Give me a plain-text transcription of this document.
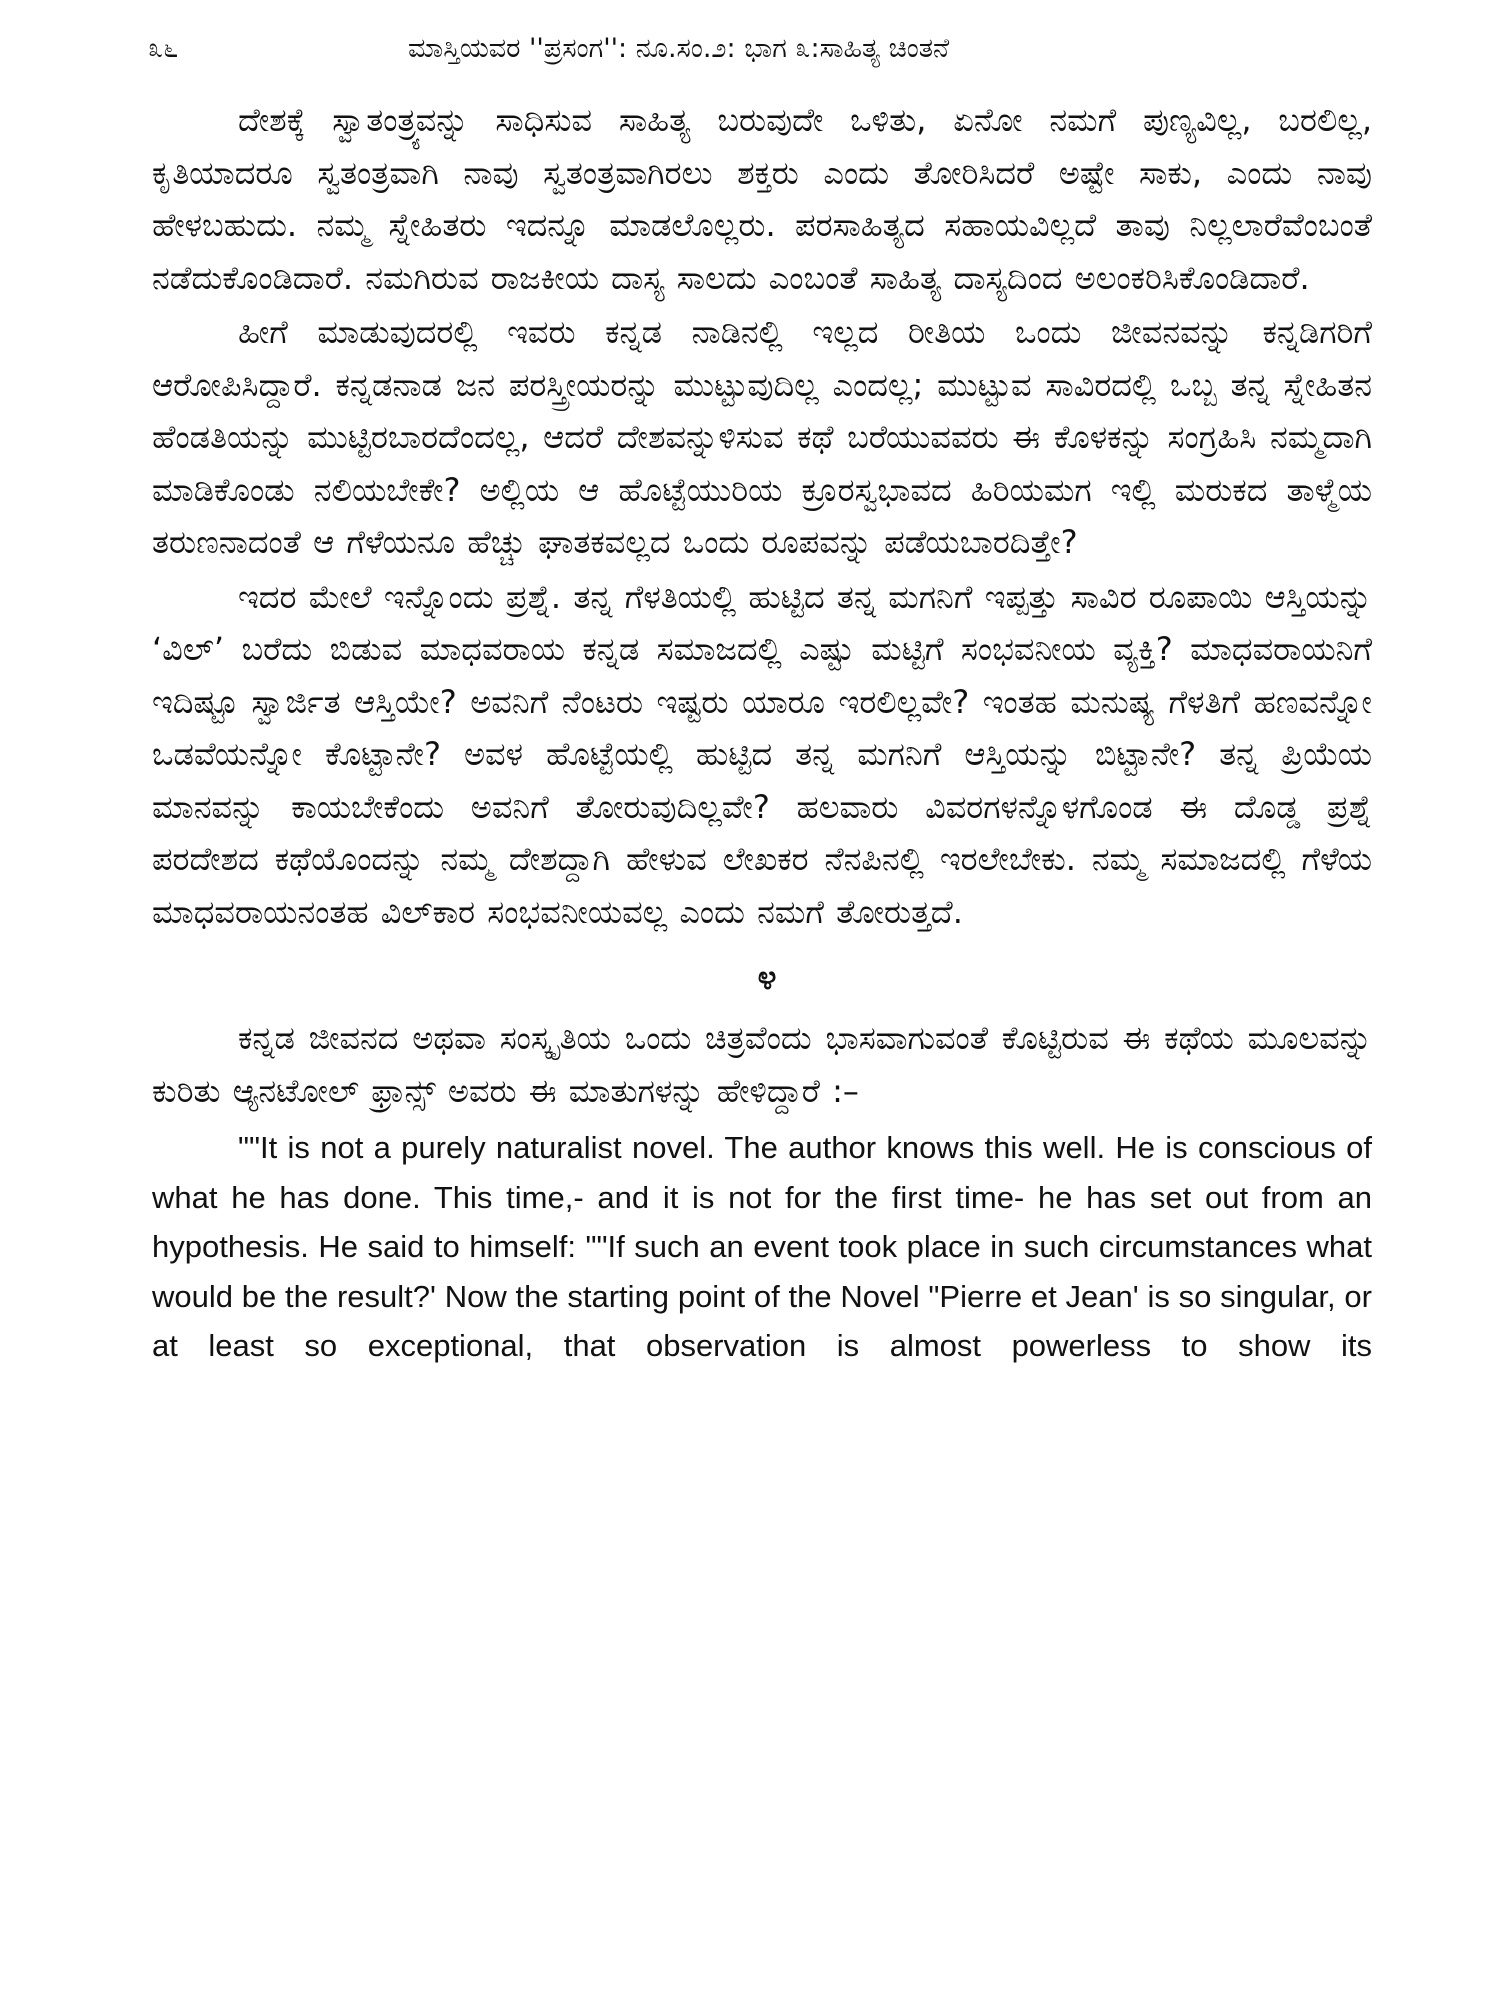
೩೬	ಮಾಸ್ತಿಯವರ ''ಪ್ರಸಂಗ'': ನೂ.ಸಂ.೨: ಭಾಗ ೩:ಸಾಹಿತ್ಯ ಚಿಂತನೆ

ದೇಶಕ್ಕೆ ಸ್ವಾತಂತ್ರ್ಯವನ್ನು ಸಾಧಿಸುವ ಸಾಹಿತ್ಯ ಬರುವುದೇ ಒಳಿತು, ಏನೋ ನಮಗೆ ಪುಣ್ಯವಿಲ್ಲ, ಬರಲಿಲ್ಲ, ಕೃತಿಯಾದರೂ ಸ್ವತಂತ್ರವಾಗಿ ನಾವು ಸ್ವತಂತ್ರವಾಗಿರಲು ಶಕ್ತರು ಎಂದು ತೋರಿಸಿದರೆ ಅಷ್ಟೇ ಸಾಕು, ಎಂದು ನಾವು ಹೇಳಬಹುದು. ನಮ್ಮ ಸ್ನೇಹಿತರು ಇದನ್ನೂ ಮಾಡಲೊಲ್ಲರು. ಪರಸಾಹಿತ್ಯದ ಸಹಾಯವಿಲ್ಲದೆ ತಾವು ನಿಲ್ಲಲಾರೆವೆಂಬಂತೆ ನಡೆದುಕೊಂಡಿದಾರೆ. ನಮಗಿರುವ ರಾಜಕೀಯ ದಾಸ್ಯ ಸಾಲದು ಎಂಬಂತೆ ಸಾಹಿತ್ಯ ದಾಸ್ಯದಿಂದ ಅಲಂಕರಿಸಿಕೊಂಡಿದಾರೆ.

ಹೀಗೆ ಮಾಡುವುದರಲ್ಲಿ ಇವರು ಕನ್ನಡ ನಾಡಿನಲ್ಲಿ ಇಲ್ಲದ ರೀತಿಯ ಒಂದು ಜೀವನವನ್ನು ಕನ್ನಡಿಗರಿಗೆ ಆರೋಪಿಸಿದ್ದಾರೆ. ಕನ್ನಡನಾಡ ಜನ ಪರಸ್ತ್ರೀಯರನ್ನು ಮುಟ್ಟುವುದಿಲ್ಲ ಎಂದಲ್ಲ; ಮುಟ್ಟುವ ಸಾವಿರದಲ್ಲಿ ಒಬ್ಬ ತನ್ನ ಸ್ನೇಹಿತನ ಹೆಂಡತಿಯನ್ನು ಮುಟ್ಟಿರಬಾರದೆಂದಲ್ಲ, ಆದರೆ ದೇಶವನ್ನುಳಿಸುವ ಕಥೆ ಬರೆಯುವವರು ಈ ಕೊಳಕನ್ನು ಸಂಗ್ರಹಿಸಿ ನಮ್ಮದಾಗಿ ಮಾಡಿಕೊಂಡು ನಲಿಯಬೇಕೇ? ಅಲ್ಲಿಯ ಆ ಹೊಟ್ಟೆಯುರಿಯ ಕ್ರೂರಸ್ವಭಾವದ ಹಿರಿಯಮಗ ಇಲ್ಲಿ ಮರುಕದ ತಾಳ್ಮೆಯ ತರುಣನಾದಂತೆ ಆ ಗೆಳೆಯನೂ ಹೆಚ್ಚು ಘಾತಕವಲ್ಲದ ಒಂದು ರೂಪವನ್ನು ಪಡೆಯಬಾರದಿತ್ತೇ?

ಇದರ ಮೇಲೆ ಇನ್ನೊಂದು ಪ್ರಶ್ನೆ. ತನ್ನ ಗೆಳತಿಯಲ್ಲಿ ಹುಟ್ಟಿದ ತನ್ನ ಮಗನಿಗೆ ಇಪ್ಪತ್ತು ಸಾವಿರ ರೂಪಾಯಿ ಆಸ್ತಿಯನ್ನು ‘ವಿಲ್’ ಬರೆದು ಬಿಡುವ ಮಾಧವರಾಯ ಕನ್ನಡ ಸಮಾಜದಲ್ಲಿ ಎಷ್ಟು ಮಟ್ಟಿಗೆ ಸಂಭವನೀಯ ವ್ಯಕ್ತಿ? ಮಾಧವರಾಯನಿಗೆ ಇದಿಷ್ಟೂ ಸ್ವಾರ್ಜಿತ ಆಸ್ತಿಯೇ? ಅವನಿಗೆ ನೆಂಟರು ಇಷ್ಟರು ಯಾರೂ ಇರಲಿಲ್ಲವೇ? ಇಂತಹ ಮನುಷ್ಯ ಗೆಳತಿಗೆ ಹಣವನ್ನೋ ಒಡವೆಯನ್ನೋ ಕೊಟ್ಟಾನೇ? ಅವಳ ಹೊಟ್ಟೆಯಲ್ಲಿ ಹುಟ್ಟಿದ ತನ್ನ ಮಗನಿಗೆ ಆಸ್ತಿಯನ್ನು ಬಿಟ್ಟಾನೇ? ತನ್ನ ಪ್ರಿಯೆಯ ಮಾನವನ್ನು ಕಾಯಬೇಕೆಂದು ಅವನಿಗೆ ತೋರುವುದಿಲ್ಲವೇ? ಹಲವಾರು ವಿವರಗಳನ್ನೊಳಗೊಂಡ ಈ ದೊಡ್ಡ ಪ್ರಶ್ನೆ ಪರದೇಶದ ಕಥೆಯೊಂದನ್ನು ನಮ್ಮ ದೇಶದ್ದಾಗಿ ಹೇಳುವ ಲೇಖಕರ ನೆನಪಿನಲ್ಲಿ ಇರಲೇಬೇಕು. ನಮ್ಮ ಸಮಾಜದಲ್ಲಿ ಗೆಳೆಯ ಮಾಧವರಾಯನಂತಹ ವಿಲ್‌ಕಾರ ಸಂಭವನೀಯವಲ್ಲ ಎಂದು ನಮಗೆ ತೋರುತ್ತದೆ.

೪

ಕನ್ನಡ ಜೀವನದ ಅಥವಾ ಸಂಸ್ಕೃತಿಯ ಒಂದು ಚಿತ್ರವೆಂದು ಭಾಸವಾಗುವಂತೆ ಕೊಟ್ಟಿರುವ ಈ ಕಥೆಯ ಮೂಲವನ್ನು ಕುರಿತು ಆ್ಯನಟೋಲ್ ಫ್ರಾನ್ಸ್ ಅವರು ಈ ಮಾತುಗಳನ್ನು ಹೇಳಿದ್ದಾರೆ :–

""It is not a purely naturalist novel. The author knows this well. He is conscious of what he has done. This time,- and it is not for the first time- he has set out from an hypothesis. He said to himself: ""If such an event took place in such circumstances what would be the result?' Now the starting point of the Novel "Pierre et Jean' is so singular, or at least so exceptional, that observation is almost powerless to show its
